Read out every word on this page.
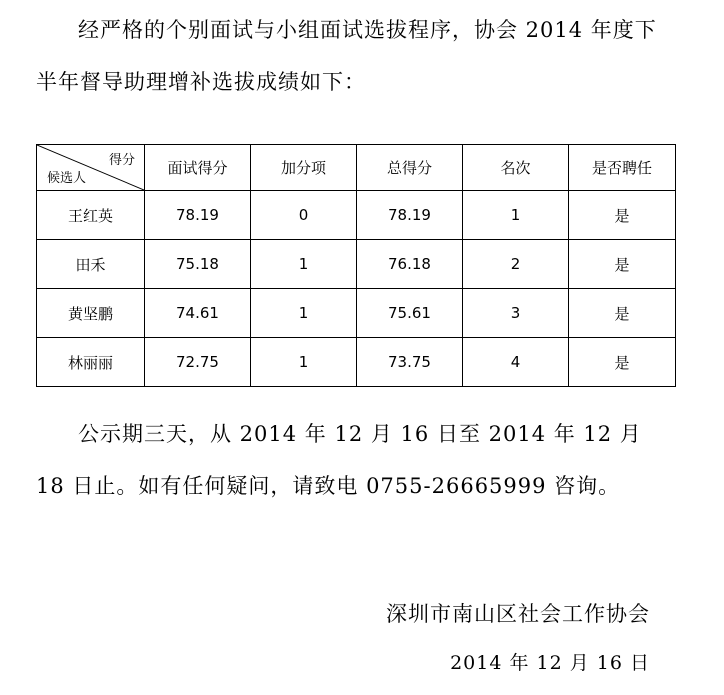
经严格的个别面试与小组面试选拔程序，协会 2014 年度下半年督导助理增补选拔成绩如下：

得分
候选人	面试得分	加分项	总得分	名次	是否聘任
王红英	78.19	0	78.19	1	是
田禾	75.18	1	76.18	2	是
黄坚鹏	74.61	1	75.61	3	是
林丽丽	72.75	1	73.75	4	是

公示期三天，从 2014 年 12 月 16 日至 2014 年 12 月 18 日止。如有任何疑问，请致电 0755-26665999 咨询。

深圳市南山区社会工作协会
2014 年 12 月 16 日
